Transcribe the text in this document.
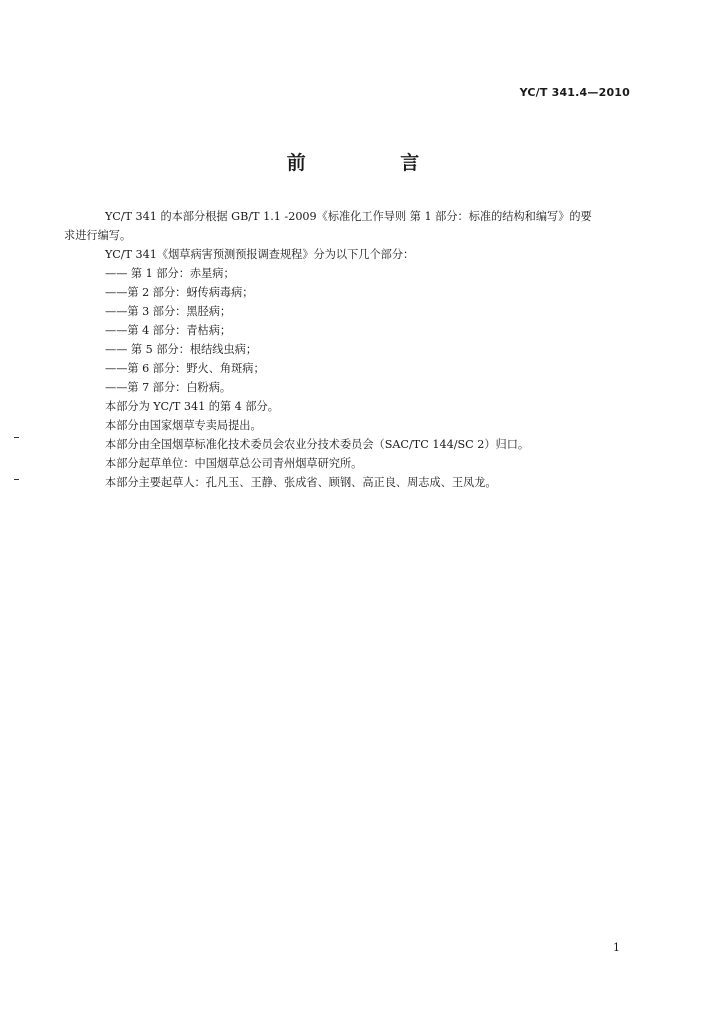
YC/T 341.4—2010
前 言

YC/T 341 的本部分根据 GB/T 1.1 -2009《标准化工作导则 第 1 部分：标准的结构和编写》的要

求进行编写。

YC/T 341《烟草病害预测预报调查规程》分为以下几个部分：

—— 第 1 部分：赤星病；

——第 2 部分：蚜传病毒病；

——第 3 部分：黑胫病；

——第 4 部分：青枯病；

—— 第 5 部分：根结线虫病；

——第 6 部分：野火、角斑病；

——第 7 部分：白粉病。

本部分为 YC/T 341 的第 4 部分。

本部分由国家烟草专卖局提出。

本部分由全国烟草标准化技术委员会农业分技术委员会（SAC/TC 144/SC 2）归口。

本部分起草单位：中国烟草总公司青州烟草研究所。

本部分主要起草人：孔凡玉、王静、张成省、顾钢、高正良、周志成、王凤龙。

1
